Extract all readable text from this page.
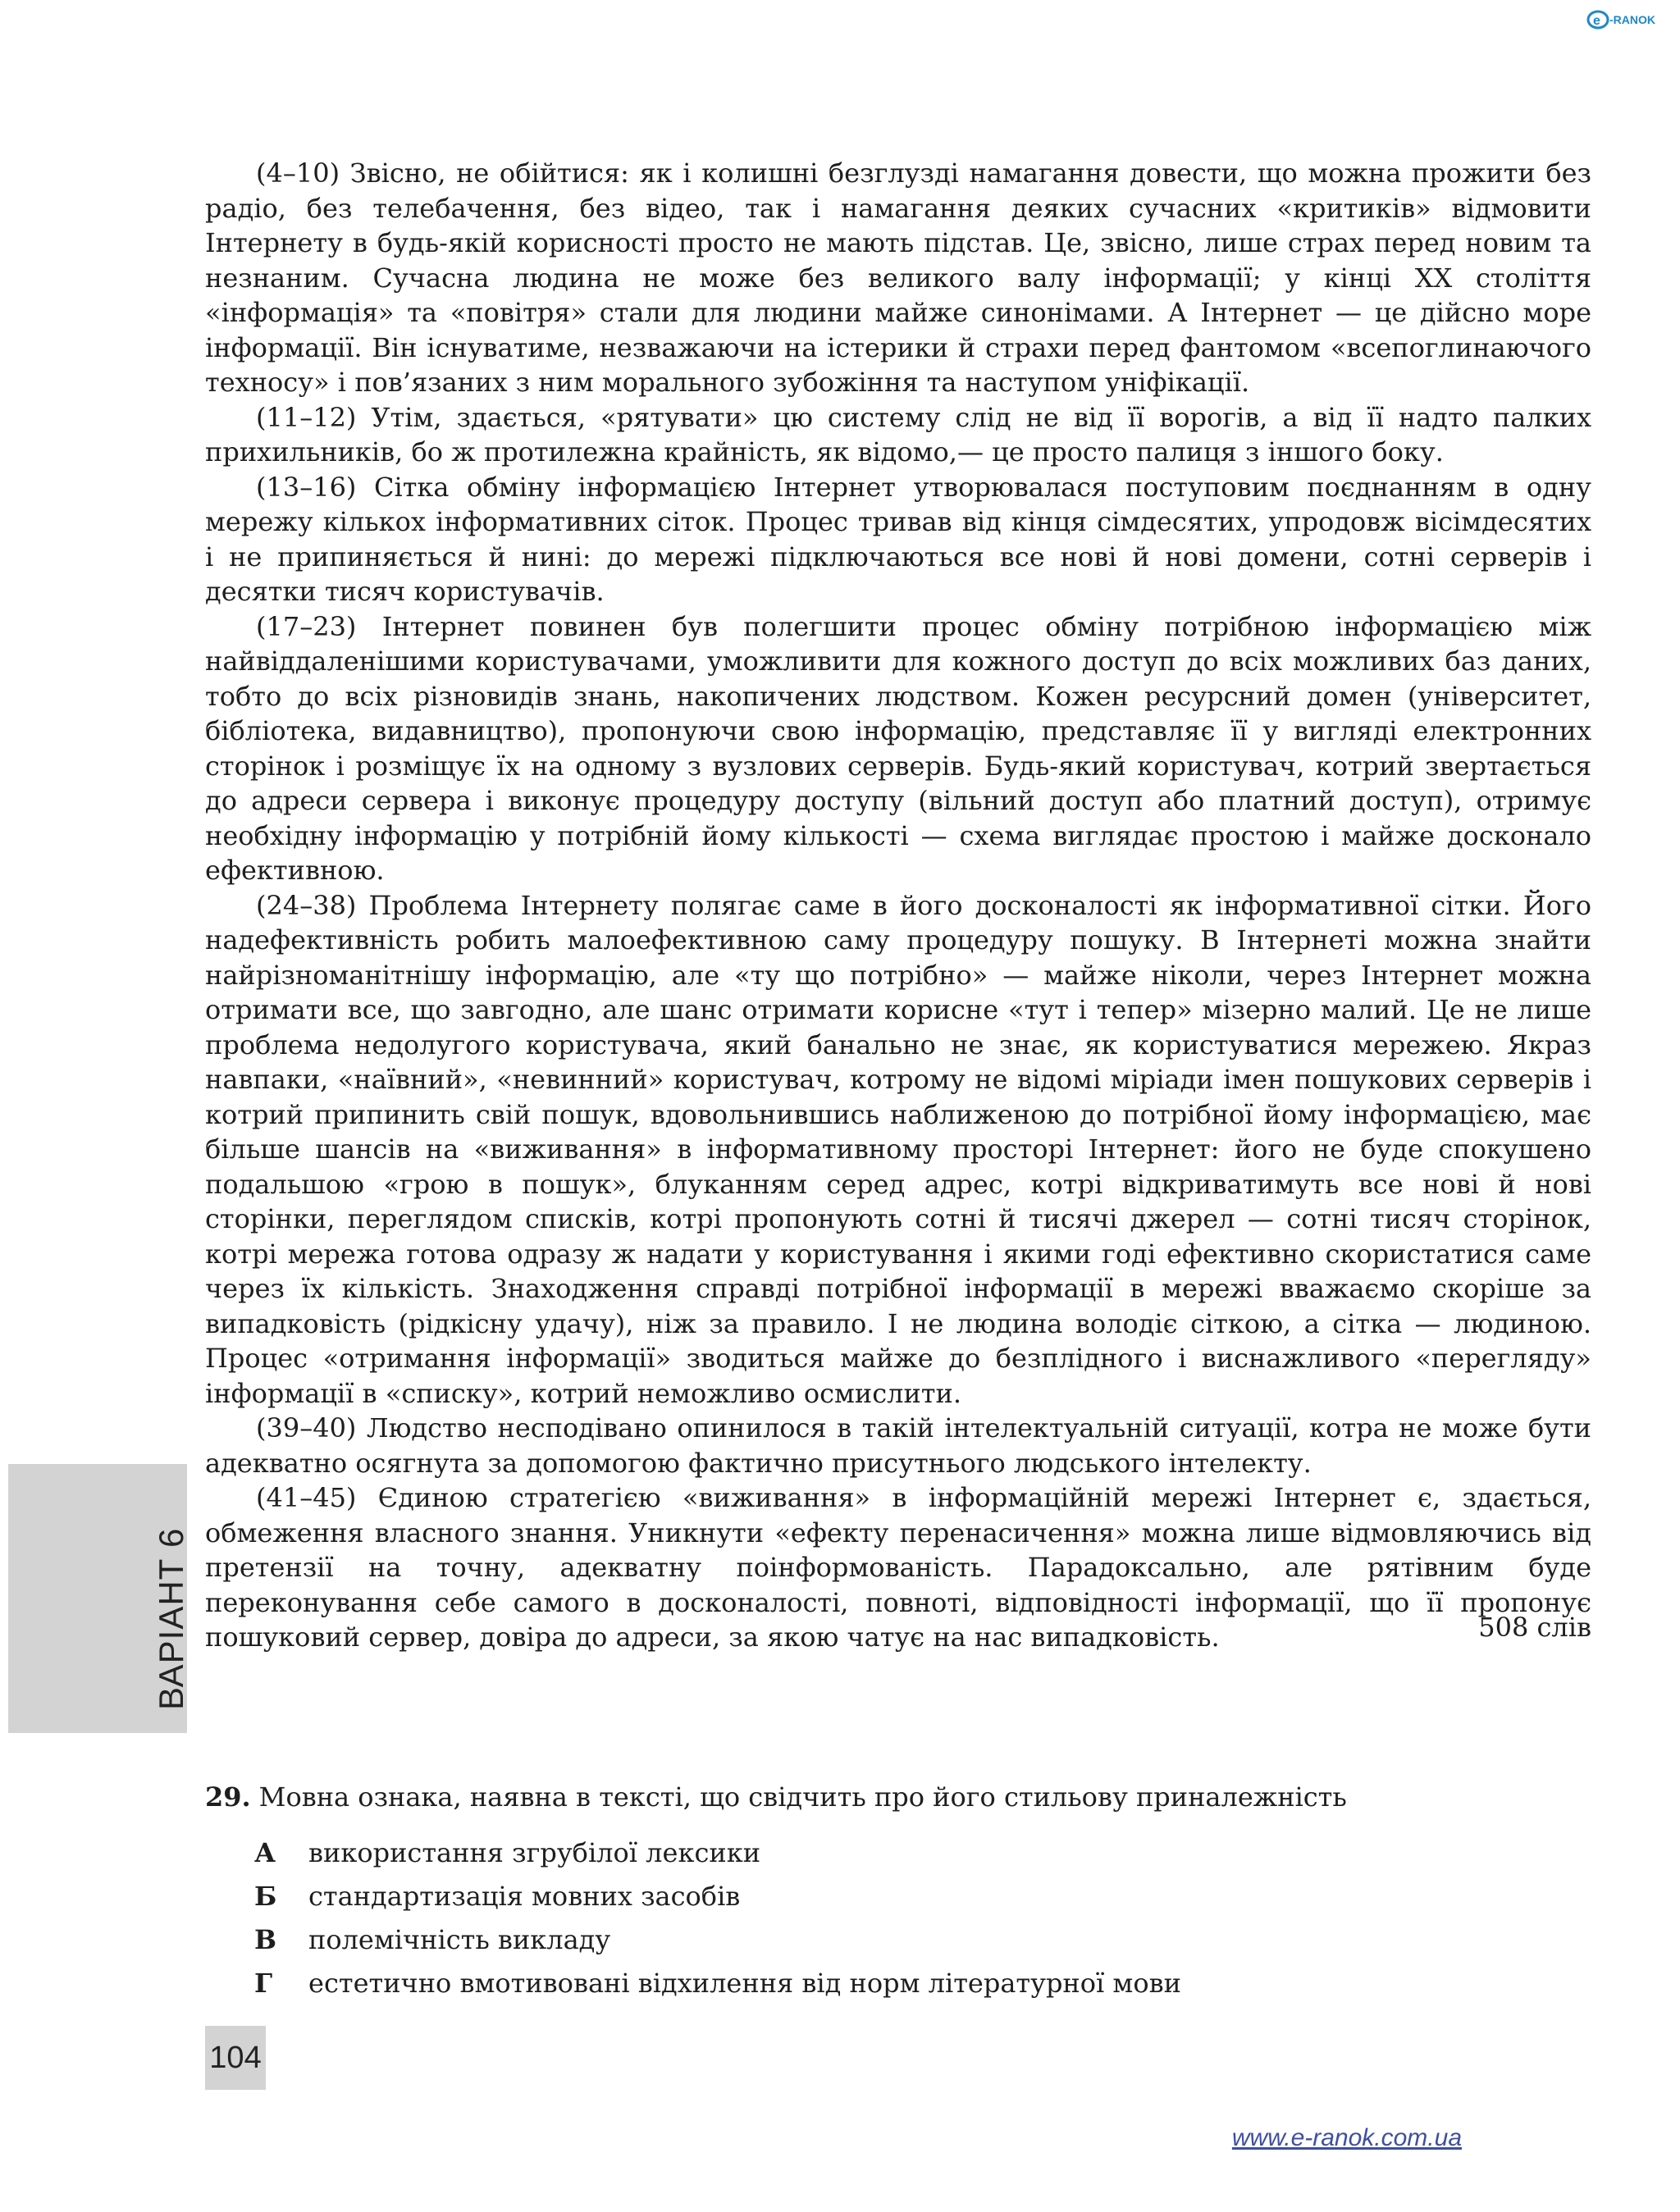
e -RANOK

(4–10) Звісно, не обійтися: як і колишні безглузді намагання довести, що можна прожити без радіо, без телебачення, без відео, так і намагання деяких сучасних «критиків» відмовити Інтернету в будь-якій корисності просто не мають підстав. Це, звісно, лише страх перед новим та незнаним. Сучасна людина не може без великого валу інформації; у кінці ХХ століття «інформація» та «повітря» стали для людини майже синонімами. А Інтернет — це дійсно море інформації. Він існуватиме, незважаючи на істерики й страхи перед фантомом «всепоглинаючого техносу» і пов’язаних з ним морального зубожіння та наступом уніфікації.

(11–12) Утім, здається, «рятувати» цю систему слід не від її ворогів, а від її надто палких прихильників, бо ж протилежна крайність, як відомо,— це просто палиця з іншого боку.

(13–16) Сітка обміну інформацією Інтернет утворювалася поступовим поєднанням в одну мережу кількох інформативних сіток. Процес тривав від кінця сімдесятих, упродовж вісімдесятих і не припиняється й нині: до мережі підключаються все нові й нові домени, сотні серверів і десятки тисяч користувачів.

(17–23) Інтернет повинен був полегшити процес обміну потрібною інформацією між найвіддаленішими користувачами, уможливити для кожного доступ до всіх можливих баз даних, тобто до всіх різновидів знань, накопичених людством. Кожен ресурсний домен (університет, бібліотека, видавництво), пропонуючи свою інформацію, представляє її у вигляді електронних сторінок і розміщує їх на одному з вузлових серверів. Будь-який користувач, котрий звертається до адреси сервера і виконує процедуру доступу (вільний доступ або платний доступ), отримує необхідну інформацію у потрібній йому кількості — схема виглядає простою і майже досконало ефективною.

(24–38) Проблема Інтернету полягає саме в його досконалості як інформативної сітки. Його надефективність робить малоефективною саму процедуру пошуку. В Інтернеті можна знайти найрізноманітнішу інформацію, але «ту що потрібно» — майже ніколи, через Інтернет можна отримати все, що завгодно, але шанс отримати корисне «тут і тепер» мізерно малий. Це не лише проблема недолугого користувача, який банально не знає, як користуватися мережею. Якраз навпаки, «наївний», «невинний» користувач, котрому не відомі міріади імен пошукових серверів і котрий припинить свій пошук, вдовольнившись наближеною до потрібної йому інформацією, має більше шансів на «виживання» в інформативному просторі Інтернет: його не буде спокушено подальшою «грою в пошук», блуканням серед адрес, котрі відкриватимуть все нові й нові сторінки, переглядом списків, котрі пропонують сотні й тисячі джерел — сотні тисяч сторінок, котрі мережа готова одразу ж надати у користування і якими годі ефективно скористатися саме через їх кількість. Знаходження справді потрібної інформації в мережі вважаємо скоріше за випадковість (рідкісну удачу), ніж за правило. І не людина володіє сіткою, а сітка — людиною. Процес «отримання інформації» зводиться майже до безплідного і виснажливого «перегляду» інформації в «списку», котрий неможливо осмислити.

(39–40) Людство несподівано опинилося в такій інтелектуальній ситуації, котра не може бути адекватно осягнута за допомогою фактично присутнього людського інтелекту.

(41–45) Єдиною стратегією «виживання» в інформаційній мережі Інтернет є, здається, обмеження власного знання. Уникнути «ефекту перенасичення» можна лише відмовляючись від претензії на точну, адекватну поінформованість. Парадоксально, але рятівним буде переконування себе самого в досконалості, повноті, відповідності інформації, що її пропонує пошуковий сервер, довіра до адреси, за якою чатує на нас випадковість.	508 слів
ВАРІАНТ 6
29. Мовна ознака, наявна в тексті, що свідчить про його стильову приналежність
А	використання згрубілої лексики
Б	стандартизація мовних засобів
В	полемічність викладу
Г	естетично вмотивовані відхилення від норм літературної мови
104
www.e-ranok.com.ua
